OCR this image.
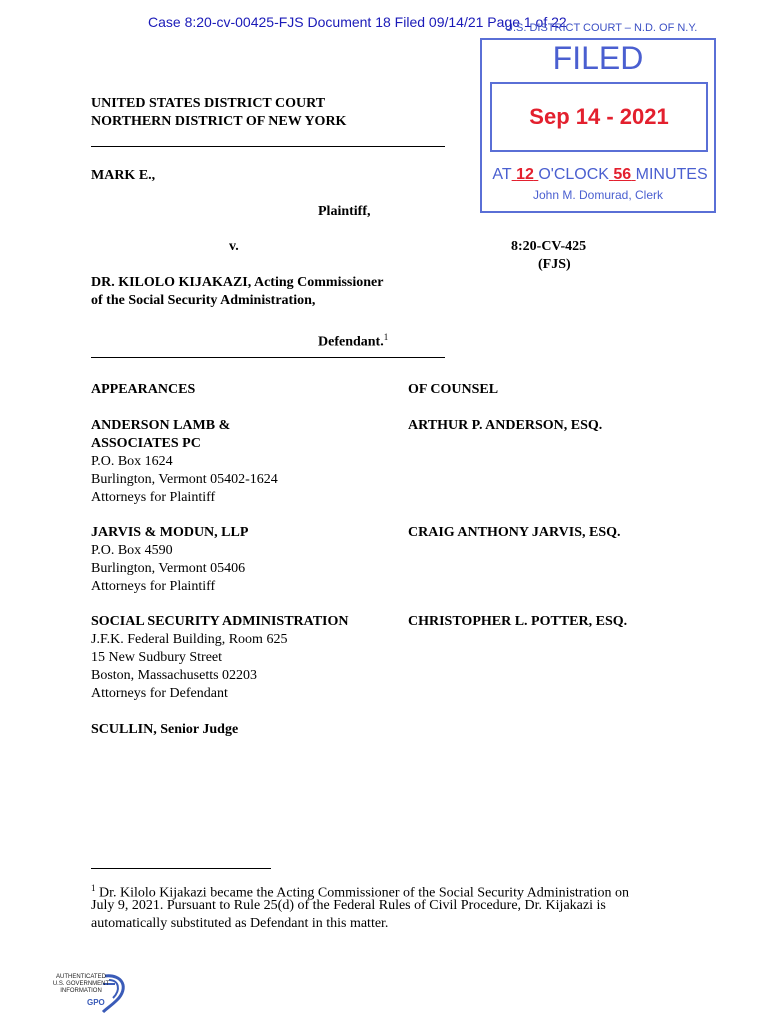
Case 8:20-cv-00425-FJS Document 18 Filed 09/14/21 Page 1 of 22
U.S. DISTRICT COURT – N.D. OF N.Y.
FILED
Sep 14 - 2021
AT 12 O'CLOCK 56 MINUTES
John M. Domurad, Clerk
UNITED STATES DISTRICT COURT
NORTHERN DISTRICT OF NEW YORK
MARK E.,
Plaintiff,
v.	8:20-CV-425
(FJS)
DR. KILOLO KIJAKAZI, Acting Commissioner
of the Social Security Administration,
Defendant.$^1$
APPEARANCES	OF COUNSEL
ANDERSON LAMB &
ASSOCIATES PC
P.O. Box 1624
Burlington, Vermont 05402-1624
Attorneys for Plaintiff
ARTHUR P. ANDERSON, ESQ.
JARVIS & MODUN, LLP
P.O. Box 4590
Burlington, Vermont 05406
Attorneys for Plaintiff
CRAIG ANTHONY JARVIS, ESQ.
SOCIAL SECURITY ADMINISTRATION
J.F.K. Federal Building, Room 625
15 New Sudbury Street
Boston, Massachusetts 02203
Attorneys for Defendant
CHRISTOPHER L. POTTER, ESQ.
SCULLIN, Senior Judge
$^1$ Dr. Kilolo Kijakazi became the Acting Commissioner of the Social Security Administration on
July 9, 2021. Pursuant to Rule 25(d) of the Federal Rules of Civil Procedure, Dr. Kijakazi is
automatically substituted as Defendant in this matter.
AUTHENTICATED
U.S. GOVERNMENT
INFORMATION
GPO
